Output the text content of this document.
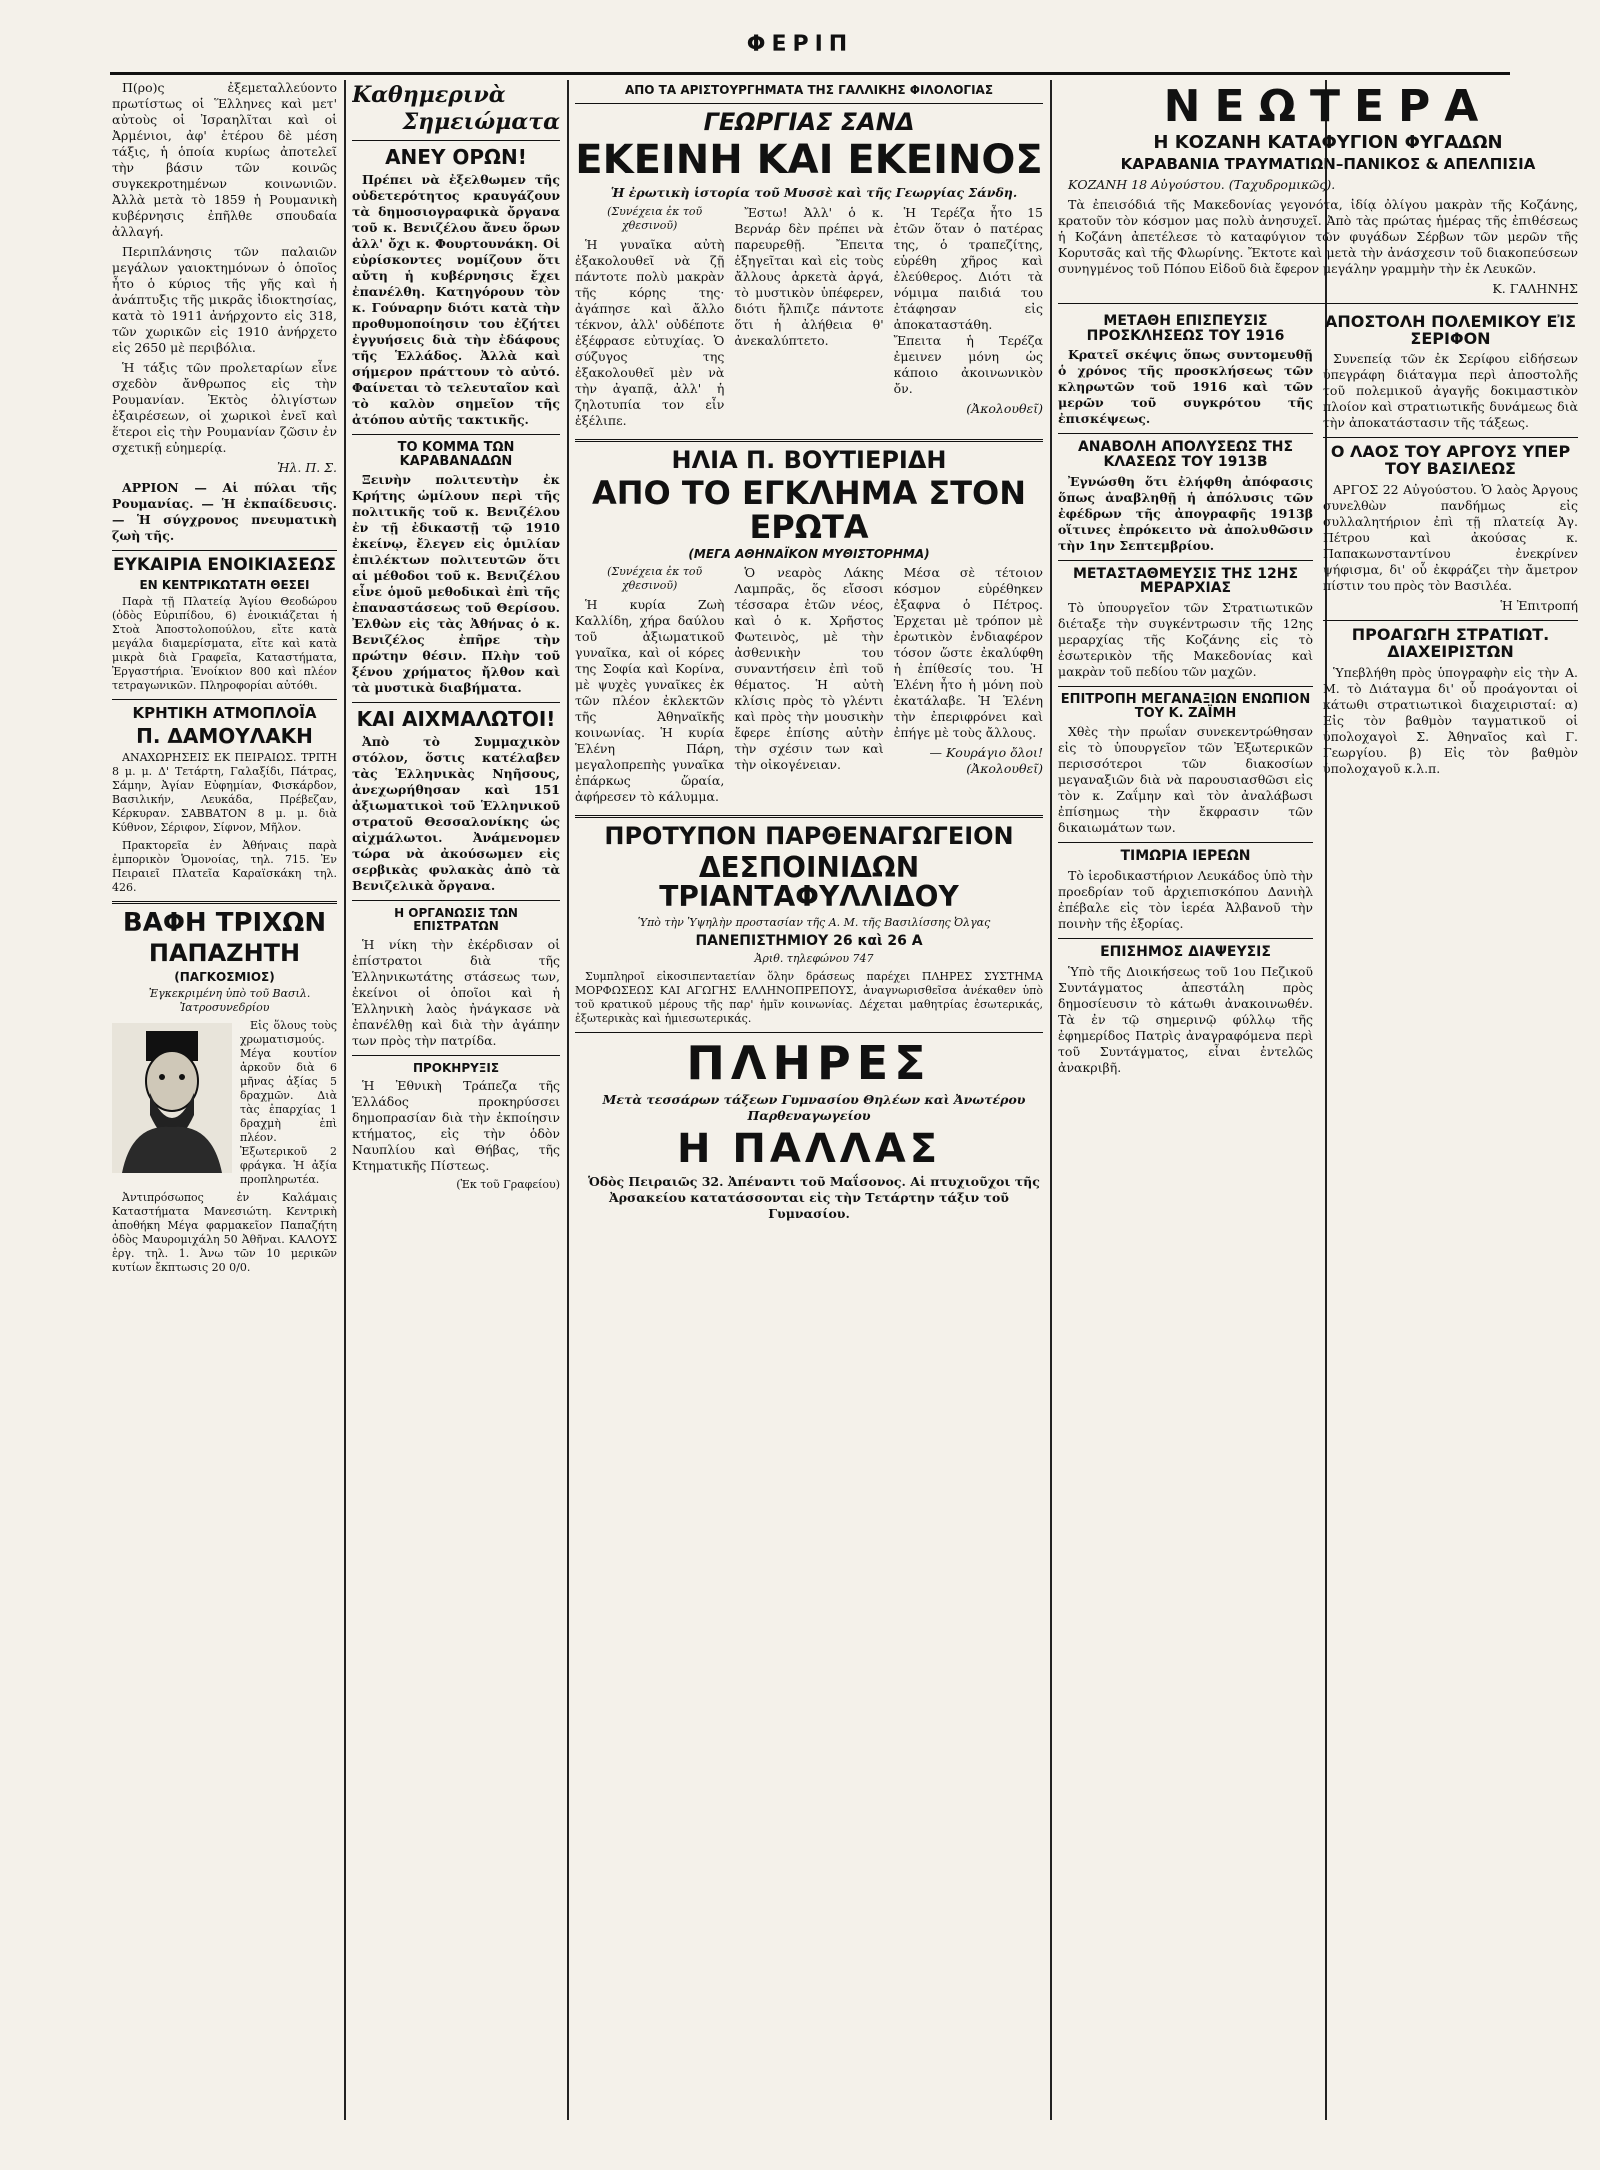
ΦΕΡΙΠ

Π(ρο)ς ἐξεμεταλλεύοντο πρωτίστως οἱ Ἕλληνες καὶ μετ' αὐτοὺς οἱ Ἰσραηλῖται καὶ οἱ Ἀρμένιοι, ἀφ' ἑτέρου δὲ μέση τάξις, ἡ ὁποία κυρίως ἀποτελεῖ τὴν βάσιν τῶν κοινῶς συγκεκροτημένων κοινωνιῶν. Ἀλλὰ μετὰ τὸ 1859 ἡ Ρουμανικὴ κυβέρνησις ἐπῆλθε σπουδαία ἀλλαγή.

Περιπλάνησις τῶν παλαιῶν μεγάλων γαιοκτημόνων ὁ ὁποῖος ἦτο ὁ κύριος τῆς γῆς καὶ ἡ ἀνάπτυξις τῆς μικρᾶς ἰδιοκτησίας, κατὰ τὸ 1911 ἀνήρχοντο εἰς 318, τῶν χωρικῶν εἰς 1910 ἀνήρχετο εἰς 2650 μὲ περιβόλια.

Ἡ τάξις τῶν προλεταρίων εἶνε σχεδὸν ἄνθρωπος εἰς τὴν Ρουμανίαν. Ἐκτὸς ὀλιγίστων ἐξαιρέσεων, οἱ χωρικοὶ ἐνεῖ καὶ ἕτεροι εἰς τὴν Ρουμανίαν ζῶσιν ἐν σχετικῇ εὐημερίᾳ.

Ἠλ. Π. Σ.

ΑΡΡΙΟΝ — Αἱ πύλαι τῆς Ρουμανίας. — Ἡ ἐκπαίδευσις. — Ἡ σύγχρονος πνευματικὴ ζωὴ τῆς.

ΕΥΚΑΙΡΙΑ ΕΝΟΙΚΙΑΣΕΩΣ
ΕΝ ΚΕΝΤΡΙΚΩΤΑΤΗ ΘΕΣΕΙ

Παρὰ τῇ Πλατείᾳ Ἁγίου Θεοδώρου (ὁδὸς Εὐριπίδου, 6) ἐνοικιάζεται ἡ Στοὰ Ἀποστολοπούλου, εἴτε κατὰ μεγάλα διαμερίσματα, εἴτε καὶ κατὰ μικρὰ διὰ Γραφεῖα, Καταστήματα, Ἐργαστήρια. Ἐνοίκιον 800 καὶ πλέον τετραγωνικῶν. Πληροφορίαι αὐτόθι.

ΚΡΗΤΙΚΗ ΑΤΜΟΠΛΟΪΑ
Π. ΔΑΜΟΥΛΑΚΗ

ΑΝΑΧΩΡΗΣΕΙΣ ΕΚ ΠΕΙΡΑΙΩΣ. ΤΡΙΤΗ 8 μ. μ. Δ' Τετάρτη, Γαλαξίδι, Πάτρας, Σάμην, Ἀγίαν Εὐφημίαν, Φισκάρδον, Βασιλικήν, Λευκάδα, Πρέβεζαν, Κέρκυραν. ΣΑΒΒΑΤΟΝ 8 μ. μ. διὰ Κύθνον, Σέριφον, Σίφνον, Μῆλον.

Πρακτορεῖα ἐν Ἀθήναις παρὰ ἐμπορικὸν Ὁμονοίας, τηλ. 715. Ἐν Πειραιεῖ Πλατεῖα Καραϊσκάκη τηλ. 426.

ΒΑΦΗ ΤΡΙΧΩΝ
ΠΑΠΑΖΗΤΗ
(ΠΑΓΚΟΣΜΙΟΣ)

Ἐγκεκριμένη ὑπὸ τοῦ Βασιλ. Ἰατροσυνεδρίου

Εἰς ὅλους τοὺς χρωματισμούς. Μέγα κουτίον ἀρκοῦν διὰ 6 μῆνας ἀξίας 5 δραχμῶν. Διὰ τὰς ἐπαρχίας 1 δραχμὴ ἐπὶ πλέον. Ἐξωτερικοῦ 2 φράγκα. Ἡ ἀξία προπληρωτέα.

Ἀντιπρόσωπος ἐν Καλάμαις Καταστήματα Μανεσιώτη. Κεντρικὴ ἀποθήκη Μέγα φαρμακεῖον Παπαζήτη ὁδὸς Μαυρομιχάλη 50 Ἀθῆναι. ΚΑΛΟΥΣ ἐργ. τηλ. 1. Ἀνω τῶν 10 μερικῶν κυτίων ἔκπτωσις 20 0/0.

Καθημερινὰ
Σημειώματα
ΑΝΕΥ ΟΡΩΝ!

Πρέπει νὰ ἐξελθωμεν τῆς οὐδετερότητος κραυγάζουν τὰ δημοσιογραφικὰ ὄργανα τοῦ κ. Βενιζέλου ἄνευ ὅρων ἀλλ' ὄχι κ. Φουρτουνάκη. Οἱ εὐρίσκοντες νομίζουν ὅτι αὔτη ἡ κυβέρνησις ἔχει ἐπανέλθη. Κατηγόρουν τὸν κ. Γούναρην διότι κατὰ τὴν προθυμοποίησιν του ἐζήτει ἐγγυήσεις διὰ τὴν ἐδάφους τῆς Ἑλλάδος. Ἀλλὰ καὶ σήμερον πράττουν τὸ αὐτό. Φαίνεται τὸ τελευταῖον καὶ τὸ καλὸν σημεῖον τῆς ἀτόπου αὐτῆς τακτικῆς.

ΤΟ ΚΟΜΜΑ ΤΩΝ ΚΑΡΑΒΑΝΑΔΩΝ

Ξεινὴν πολιτευτὴν ἐκ Κρήτης ὡμίλουν περὶ τῆς πολιτικῆς τοῦ κ. Βενιζέλου ἐν τῇ ἐδικαστῇ τῷ 1910 ἐκείνῳ, ἔλεγεν εἰς ὁμιλίαν ἐπιλέκτων πολιτευτῶν ὅτι αἱ μέθοδοι τοῦ κ. Βενιζέλου εἶνε ὁμοῦ μεθοδικαὶ ἐπὶ τῆς ἐπαναστάσεως τοῦ Θερίσου. Ἐλθὼν εἰς τὰς Ἀθήνας ὁ κ. Βενιζέλος ἐπῆρε τὴν πρώτην θέσιν. Πλὴν τοῦ ξένου χρήματος ἤλθον καὶ τὰ μυστικὰ διαβήματα.

ΚΑΙ ΑΙΧΜΑΛΩΤΟΙ!

Ἀπὸ τὸ Συμμαχικὸν στόλον, ὅστις κατέλαβεν τὰς Ἑλληνικὰς Νηῆσους, ἀνεχωρήθησαν καὶ 151 ἀξιωματικοὶ τοῦ Ἑλληνικοῦ στρατοῦ Θεσσαλονίκης ὡς αἰχμάλωτοι. Ἀνάμενομεν τώρα νὰ ἀκούσωμεν εἰς σερβικὰς φυλακὰς ἀπὸ τὰ Βενιζελικὰ ὄργανα.

Η ΟΡΓΑΝΩΣΙΣ ΤΩΝ ΕΠΙΣΤΡΑΤΩΝ

Ἡ νίκη τὴν ἐκέρδισαν οἱ ἐπίστρατοι διὰ τῆς Ἑλληνικωτάτης στάσεως των, ἐκείνοι οἱ ὁποῖοι καὶ ἡ Ἑλληνικὴ λαὸς ἠνάγκασε νὰ ἐπανέλθῃ καὶ διὰ τὴν ἀγάπην των πρὸς τὴν πατρίδα.

ΠΡΟΚΗΡΥΞΙΣ

Ἡ Ἐθνικὴ Τράπεζα τῆς Ἑλλάδος προκηρύσσει δημοπρασίαν διὰ τὴν ἐκποίησιν κτήματος, εἰς τὴν ὁδὸν Ναυπλίου καὶ Θήβας, τῆς Κτηματικῆς Πίστεως.

(Ἐκ τοῦ Γραφείου)

ΑΠΟ ΤΑ ΑΡΙΣΤΟΥΡΓΗΜΑΤΑ ΤΗΣ ΓΑΛΛΙΚΗΣ ΦΙΛΟΛΟΓΙΑΣ
ΓΕΩΡΓΙΑΣ ΣΑΝΔ
ΕΚΕΙΝΗ ΚΑΙ ΕΚΕΙΝΟΣ

Ἡ ἐρωτικὴ ἱστορία τοῦ Μυσσὲ καὶ τῆς Γεωργίας Σάνδη.

(Συνέχεια ἐκ τοῦ χθεσινοῦ)

Ἡ γυναῖκα αὐτὴ ἐξακολουθεῖ νὰ ζῇ πάντοτε πολὺ μακρὰν τῆς κόρης της· ἀγάπησε καὶ ἄλλο τέκνον, ἀλλ' οὐδέποτε ἐξέφρασε εὐτυχίας. Ὁ σύζυγος της ἐξακολουθεῖ μὲν νὰ τὴν ἀγαπᾷ, ἀλλ' ἡ ζηλοτυπία τον εἶν ἐξέλιπε.

Ἔστω! Ἀλλ' ὁ κ. Βερνάρ δὲν πρέπει νὰ παρευρεθῇ. Ἔπειτα ἐξηγεῖται καὶ εἰς τοὺς ἄλλους ἀρκετὰ ἀργά, τὸ μυστικὸν ὑπέφερεν, διότι ἤλπιζε πάντοτε ὅτι ἡ ἀλήθεια θ' ἀνεκαλύπτετο.

Ἡ Τερέζα ἦτο 15 ἐτῶν ὅταν ὁ πατέρας της, ὁ τραπεζίτης, εὑρέθη χῆρος καὶ ἐλεύθερος. Διότι τὰ νόμιμα παιδιά του ἐτάφησαν εἰς ἀποκαταστάθη. Ἔπειτα ἡ Τερέζα ἐμεινεν μόνη ὡς κάποιο ἀκοινωνικὸν ὄν.

(Ἀκολουθεῖ)

ΗΛΙΑ Π. ΒΟΥΤΙΕΡΙΔΗ
ΑΠΟ ΤΟ ΕΓΚΛΗΜΑ ΣΤΟΝ ΕΡΩΤΑ
(ΜΕΓΑ ΑΘΗΝΑΪΚΟΝ ΜΥΘΙΣΤΟΡΗΜΑ)

(Συνέχεια ἐκ τοῦ χθεσινοῦ)

Ἡ κυρία Ζωὴ Καλλίδη, χήρα δαύλου τοῦ ἀξιωματικοῦ γυναῖκα, καὶ οἱ κόρες της Σοφία καὶ Κορίνα, μὲ ψυχὲς γυναῖκες ἐκ τῶν πλέον ἐκλεκτῶν τῆς Ἀθηναϊκῆς κοινωνίας. Ἡ κυρία Ἑλένη Πάρη, μεγαλοπρεπὴς γυναῖκα ἐπάρκως ὥραία, ἀφήρεσεν τὸ κάλυμμα.

Ὁ νεαρὸς Λάκης Λαμπρᾶς, ὅς εἴσοσι τέσσαρα ἐτῶν νέος, καὶ ὁ κ. Χρῆστος Φωτεινὸς, μὲ τὴν ἀσθενικὴν του συναντήσειν ἐπὶ τοῦ θέματος. Ἡ αὐτὴ κλίσις πρὸς τὸ γλέντι καὶ πρὸς τὴν μουσικὴν ἔφερε ἐπίσης αὐτὴν τὴν σχέσιν των καὶ τὴν οἰκογένειαν.

Μέσα σὲ τέτοιον κόσμον εὑρέθηκεν ἐξαφνα ὁ Πέτρος. Ἐρχεται μὲ τρόπον μὲ ἐρωτικὸν ἐνδιαφέρον τόσον ὥστε ἐκαλύφθη ἡ ἐπίθεσίς του. Ἡ Ἑλένη ἦτο ἡ μόνη ποὺ ἐκατάλαβε. Ἡ Ἑλένη τὴν ἐπεριφρόνει καὶ ἐπήγε μὲ τοὺς ἄλλους.

— Κουράγιο ὄλοι! (Ἀκολουθεῖ)

ΠΡΟΤΥΠΟΝ ΠΑΡΘΕΝΑΓΩΓΕΙΟΝ
ΔΕΣΠΟΙΝΙΔΩΝ ΤΡΙΑΝΤΑΦΥΛΛΙΔΟΥ

Ὑπὸ τὴν Ὑψηλὴν προστασίαν τῆς Α. Μ. τῆς Βασιλίσσης Ὀλγας

ΠΑΝΕΠΙΣΤΗΜΙΟΥ 26 καὶ 26 Α

Ἀριθ. τηλεφώνου 747

Συμπληροῖ εἰκοσιπενταετίαν ὅλην δράσεως παρέχει ΠΛΗΡΕΣ ΣΥΣΤΗΜΑ ΜΟΡΦΩΣΕΩΣ ΚΑΙ ΑΓΩΓΗΣ ΕΛΛΗΝΟΠΡΕΠΟΥΣ, ἀναγνωρισθεῖσα ἀνέκαθεν ὑπὸ τοῦ κρατικοῦ μέρους τῆς παρ' ἡμῖν κοινωνίας. Δέχεται μαθητρίας ἐσωτερικάς, ἐξωτερικὰς καὶ ἡμιεσωτερικάς.

ΠΛΗΡΕΣ

Μετὰ τεσσάρων τάξεων Γυμνασίου Θηλέων καὶ Ἀνωτέρου Παρθεναγωγείου

Η ΠΑΛΛΑΣ

Ὁδὸς Πειραιῶς 32. Ἀπέναντι τοῦ Μαΐσονος. Αἱ πτυχιοῦχοι τῆς Ἀρσακείου κατατάσσονται εἰς τὴν Τετάρτην τάξιν τοῦ Γυμνασίου.

ΝΕΩΤΕΡΑ
Η ΚΟΖΑΝΗ ΚΑΤΑΦΥΓΙΟΝ ΦΥΓΑΔΩΝ
ΚΑΡΑΒΑΝΙΑ ΤΡΑΥΜΑΤΙΩΝ–ΠΑΝΙΚΟΣ & ΑΠΕΛΠΙΣΙΑ

ΚΟΖΑΝΗ 18 Αὐγούστου. (Ταχυδρομικῶς).

Τὰ ἐπεισόδιά τῆς Μακεδονίας γεγονότα, ἰδίᾳ ὀλίγου μακρὰν τῆς Κοζάνης, κρατοῦν τὸν κόσμον μας πολὺ ἀνησυχεῖ. Ἀπὸ τὰς πρώτας ἡμέρας τῆς ἐπιθέσεως ἡ Κοζάνη ἀπετέλεσε τὸ καταφύγιον τῶν φυγάδων Σέρβων τῶν μερῶν τῆς Κορυτσᾶς καὶ τῆς Φλωρίνης. Ἔκτοτε καὶ μετὰ τὴν ἀνάσχεσιν τοῦ διακοπεύσεων συνηγμένος τοῦ Πόπου Εἰδοῦ διὰ ἔφερον μεγάλην γραμμὴν τὴν ἐκ Λευκῶν.

Κ. ΓΑΛΗΝΗΣ

ΜΕΤΑΘΗ ΕΠΙΣΠΕΥΣΙΣ ΠΡΟΣΚΛΗΣΕΩΣ ΤΟΥ 1916

Κρατεῖ σκέψις ὅπως συντομευθῇ ὁ χρόνος τῆς προσκλήσεως τῶν κληρωτῶν τοῦ 1916 καὶ τῶν μερῶν τοῦ συγκρότου τῆς ἐπισκέψεως.

ΑΝΑΒΟΛΗ ΑΠΟΛΥΣΕΩΣ ΤΗΣ ΚΛΑΣΕΩΣ ΤΟΥ 1913Β

Ἐγνώσθη ὅτι ἐλήφθη ἀπόφασις ὅπως ἀναβληθῇ ἡ ἀπόλυσις τῶν ἐφέδρων τῆς ἀπογραφῆς 1913β οἵτινες ἐπρόκειτο νὰ ἀπολυθῶσιν τὴν 1ην Σεπτεμβρίου.

ΜΕΤΑΣΤΑΘΜΕΥΣΙΣ ΤΗΣ 12ΗΣ ΜΕΡΑΡΧΙΑΣ

Τὸ ὑπουργεῖον τῶν Στρατιωτικῶν διέταξε τὴν συγκέντρωσιν τῆς 12ης μεραρχίας τῆς Κοζάνης εἰς τὸ ἐσωτερικὸν τῆς Μακεδονίας καὶ μακρὰν τοῦ πεδίου τῶν μαχῶν.

ΕΠΙΤΡΟΠΗ ΜΕΓΑΝΑΞΙΩΝ ΕΝΩΠΙΟΝ ΤΟΥ Κ. ΖΑΪΜΗ

Χθὲς τὴν πρωΐαν συνεκεντρώθησαν εἰς τὸ ὑπουργεῖον τῶν Ἐξωτερικῶν περισσότεροι τῶν διακοσίων μεγαναξιῶν διὰ νὰ παρουσιασθῶσι εἰς τὸν κ. Ζαΐμην καὶ τὸν ἀναλάβωσι ἐπίσημως τὴν ἔκφρασιν τῶν δικαιωμάτων των.

ΤΙΜΩΡΙΑ ΙΕΡΕΩΝ

Τὸ ἱεροδικαστήριον Λευκάδος ὑπὸ τὴν προεδρίαν τοῦ ἀρχιεπισκόπου Δανιὴλ ἐπέβαλε εἰς τὸν ἱερέα Ἀλβανοῦ τὴν ποινὴν τῆς ἐξορίας.

ΕΠΙΣΗΜΟΣ ΔΙΑΨΕΥΣΙΣ

Ὑπὸ τῆς Διοικήσεως τοῦ 1ου Πεζικοῦ Συντάγματος ἀπεστάλη πρὸς δημοσίευσιν τὸ κάτωθι ἀνακοινωθέν. Τὰ ἐν τῷ σημερινῷ φύλλῳ τῆς ἐφημερίδος Πατρὶς ἀναγραφόμενα περὶ τοῦ Συντάγματος, εἶναι ἐντελῶς ἀνακριβῆ.

ΑΠΟΣΤΟΛΗ ΠΟΛΕΜΙΚΟΥ ΕἸΣ ΣΕΡΙΦΟΝ

Συνεπείᾳ τῶν ἐκ Σερίφου εἰδήσεων ὑπεγράφη διάταγμα περὶ ἀποστολῆς τοῦ πολεμικοῦ ἀγαγῆς δοκιμαστικὸν πλοίον καὶ στρατιωτικῆς δυνάμεως διὰ τὴν ἀποκατάστασιν τῆς τάξεως.

Ο ΛΑΟΣ ΤΟΥ ΑΡΓΟΥΣ ΥΠΕΡ ΤΟΥ ΒΑΣΙΛΕΩΣ

ΑΡΓΟΣ 22 Αὐγούστου. Ὁ λαὸς Ἀργους συνελθὼν πανδήμως εἰς συλλαλητήριον ἐπὶ τῇ πλατείᾳ Ἀγ. Πέτρου καὶ ἀκούσας κ. Παπακωνσταντίνου ἐνεκρίνεν ψήφισμα, δι' οὗ ἐκφράζει τὴν ἄμετρον πίστιν του πρὸς τὸν Βασιλέα.

Ἡ Ἐπιτροπή

ΠΡΟΑΓΩΓΗ ΣΤΡΑΤΙΩΤ. ΔΙΑΧΕΙΡΙΣΤΩΝ

Ὑπεβλήθη πρὸς ὑπογραφὴν εἰς τὴν Α. Μ. τὸ Διάταγμα δι' οὗ προάγονται οἱ κάτωθι στρατιωτικοὶ διαχειρισταί: α) Εἰς τὸν βαθμὸν ταγματικοῦ οἱ ὑπολοχαγοὶ Σ. Ἀθηναῖος καὶ Γ. Γεωργίου. β) Εἰς τὸν βαθμὸν ὑπολοχαγοῦ κ.λ.π.
